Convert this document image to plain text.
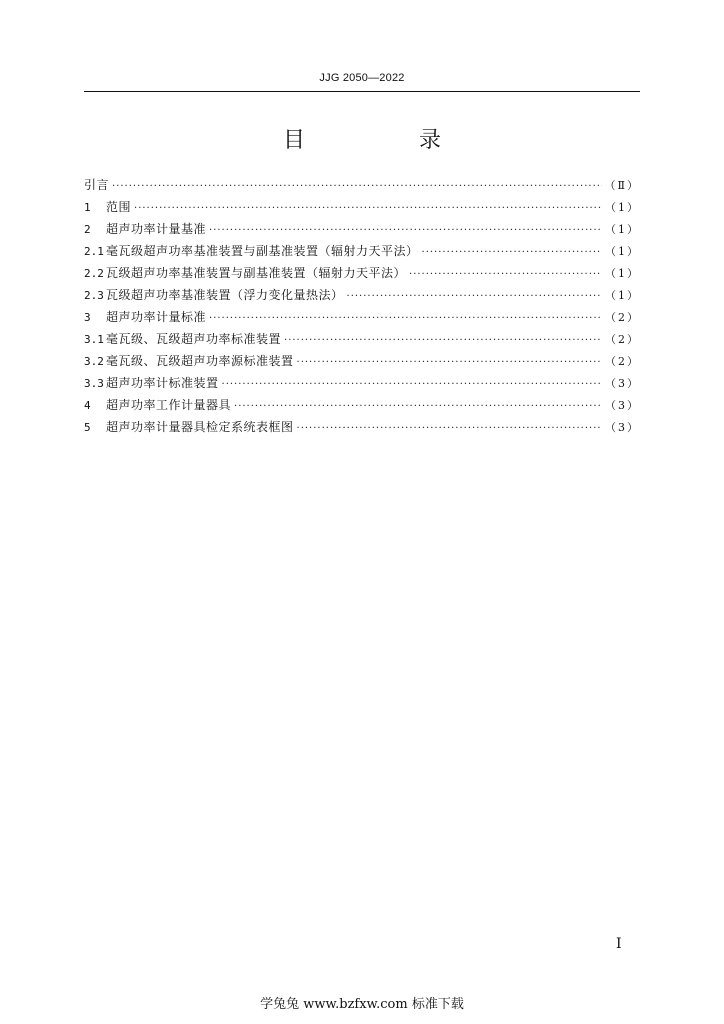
JJG 2050—2022
目　录
引言 ·····	（Ⅱ）
1	范围 ·····	（1）
2	超声功率计量基准 ·····	（1）
2.1 毫瓦级超声功率基准装置与副基准装置（辐射力天平法） ·····	（1）
2.2 瓦级超声功率基准装置与副基准装置（辐射力天平法） ·····	（1）
2.3 瓦级超声功率基准装置（浮力变化量热法） ·····	（1）
3	超声功率计量标准 ·····	（2）
3.1 毫瓦级、瓦级超声功率标准装置 ·····	（2）
3.2 毫瓦级、瓦级超声功率源标准装置 ·····	（2）
3.3 超声功率计标准装置 ·····	（3）
4	超声功率工作计量器具 ·····	（3）
5	超声功率计量器具检定系统表框图 ·····	（3）
I
学兔兔 www.bzfxw.com 标准下载
